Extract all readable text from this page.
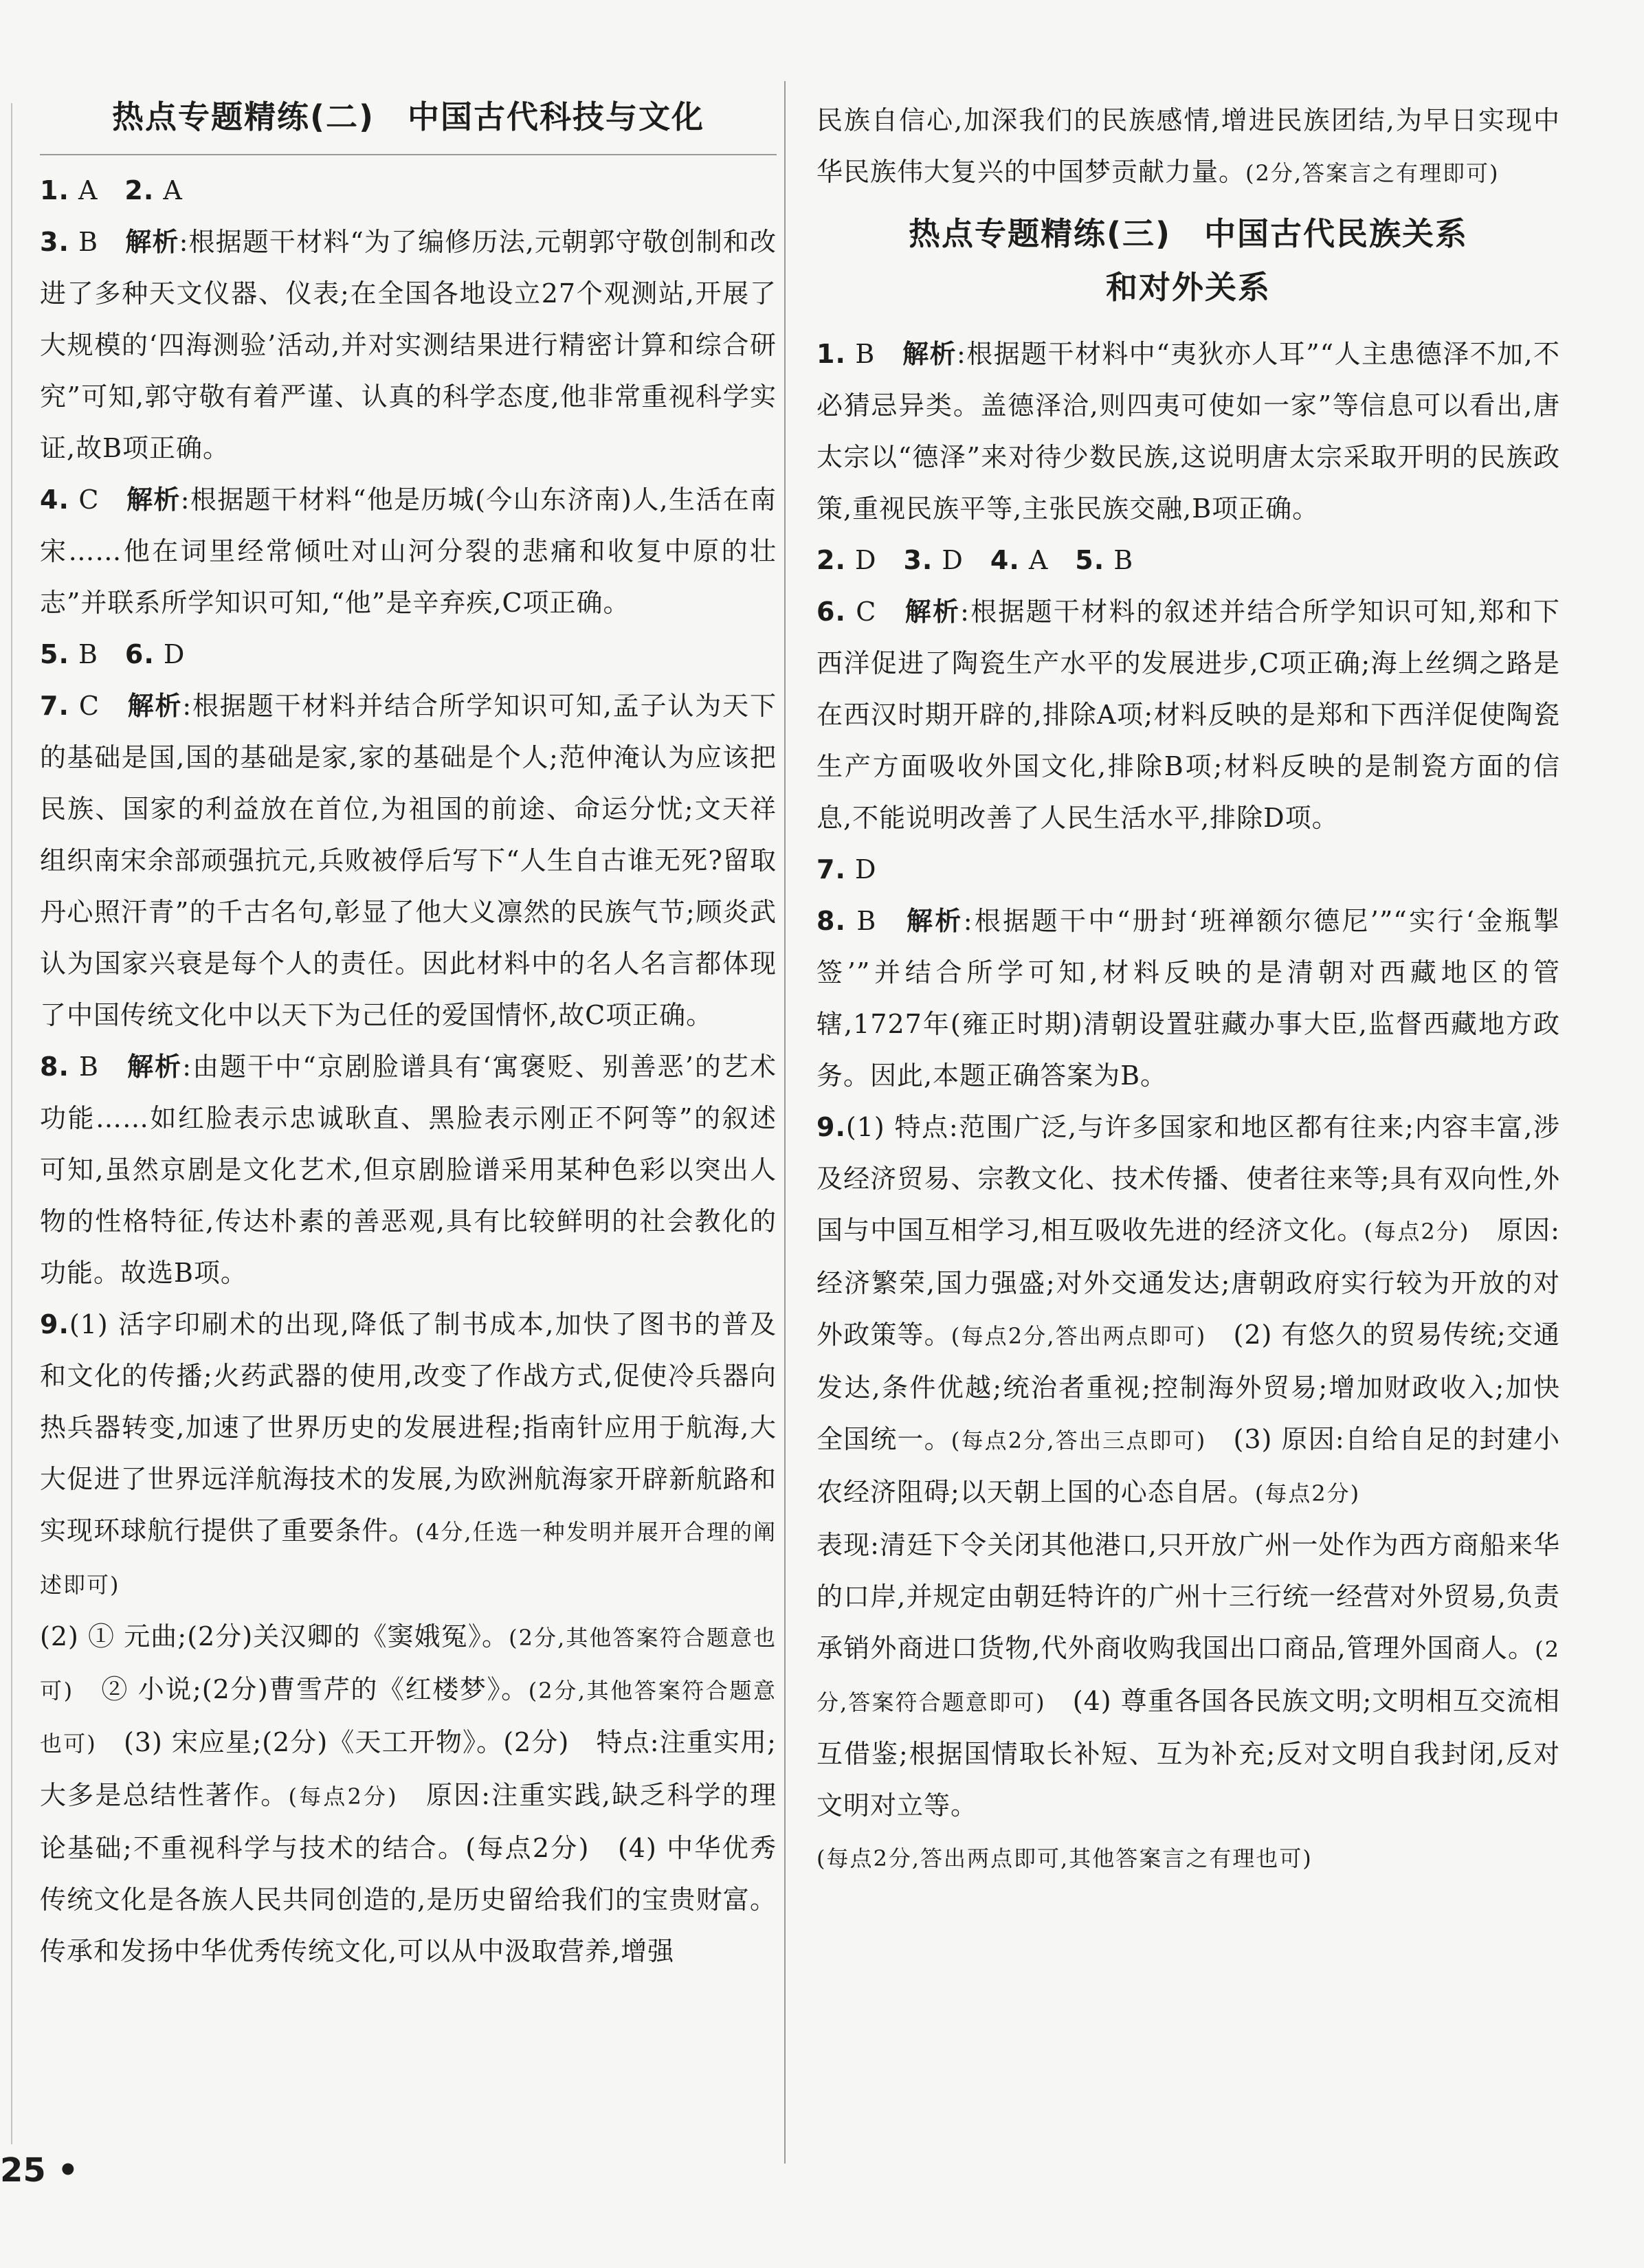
热点专题精练(二)　中国古代科技与文化

1. A　2. A

3. B　解析:根据题干材料“为了编修历法,元朝郭守敬创制和改进了多种天文仪器、仪表;在全国各地设立27个观测站,开展了大规模的‘四海测验’活动,并对实测结果进行精密计算和综合研究”可知,郭守敬有着严谨、认真的科学态度,他非常重视科学实证,故B项正确。

4. C　解析:根据题干材料“他是历城(今山东济南)人,生活在南宋……他在词里经常倾吐对山河分裂的悲痛和收复中原的壮志”并联系所学知识可知,“他”是辛弃疾,C项正确。

5. B　6. D

7. C　解析:根据题干材料并结合所学知识可知,孟子认为天下的基础是国,国的基础是家,家的基础是个人;范仲淹认为应该把民族、国家的利益放在首位,为祖国的前途、命运分忧;文天祥组织南宋余部顽强抗元,兵败被俘后写下“人生自古谁无死?留取丹心照汗青”的千古名句,彰显了他大义凛然的民族气节;顾炎武认为国家兴衰是每个人的责任。因此材料中的名人名言都体现了中国传统文化中以天下为己任的爱国情怀,故C项正确。

8. B　解析:由题干中“京剧脸谱具有‘寓褒贬、别善恶’的艺术功能……如红脸表示忠诚耿直、黑脸表示刚正不阿等”的叙述可知,虽然京剧是文化艺术,但京剧脸谱采用某种色彩以突出人物的性格特征,传达朴素的善恶观,具有比较鲜明的社会教化的功能。故选B项。

9.(1) 活字印刷术的出现,降低了制书成本,加快了图书的普及和文化的传播;火药武器的使用,改变了作战方式,促使冷兵器向热兵器转变,加速了世界历史的发展进程;指南针应用于航海,大大促进了世界远洋航海技术的发展,为欧洲航海家开辟新航路和实现环球航行提供了重要条件。(4分,任选一种发明并展开合理的阐述即可)
(2) ① 元曲;(2分)关汉卿的《窦娥冤》。(2分,其他答案符合题意也可)　② 小说;(2分)曹雪芹的《红楼梦》。(2分,其他答案符合题意也可)　(3) 宋应星;(2分)《天工开物》。(2分)　特点:注重实用;大多是总结性著作。(每点2分)　原因:注重实践,缺乏科学的理论基础;不重视科学与技术的结合。(每点2分)　(4) 中华优秀传统文化是各族人民共同创造的,是历史留给我们的宝贵财富。传承和发扬中华优秀传统文化,可以从中汲取营养,增强

民族自信心,加深我们的民族感情,增进民族团结,为早日实现中华民族伟大复兴的中国梦贡献力量。(2分,答案言之有理即可)

热点专题精练(三)　中国古代民族关系
和对外关系

1. B　解析:根据题干材料中“夷狄亦人耳”“人主患德泽不加,不必猜忌异类。盖德泽洽,则四夷可使如一家”等信息可以看出,唐太宗以“德泽”来对待少数民族,这说明唐太宗采取开明的民族政策,重视民族平等,主张民族交融,B项正确。

2. D　3. D　4. A　5. B

6. C　解析:根据题干材料的叙述并结合所学知识可知,郑和下西洋促进了陶瓷生产水平的发展进步,C项正确;海上丝绸之路是在西汉时期开辟的,排除A项;材料反映的是郑和下西洋促使陶瓷生产方面吸收外国文化,排除B项;材料反映的是制瓷方面的信息,不能说明改善了人民生活水平,排除D项。

7. D

8. B　解析:根据题干中“册封‘班禅额尔德尼’”“实行‘金瓶掣签’”并结合所学可知,材料反映的是清朝对西藏地区的管辖,1727年(雍正时期)清朝设置驻藏办事大臣,监督西藏地方政务。因此,本题正确答案为B。

9.(1) 特点:范围广泛,与许多国家和地区都有往来;内容丰富,涉及经济贸易、宗教文化、技术传播、使者往来等;具有双向性,外国与中国互相学习,相互吸收先进的经济文化。(每点2分)　原因:经济繁荣,国力强盛;对外交通发达;唐朝政府实行较为开放的对外政策等。(每点2分,答出两点即可)　(2) 有悠久的贸易传统;交通发达,条件优越;统治者重视;控制海外贸易;增加财政收入;加快全国统一。(每点2分,答出三点即可)　(3) 原因:自给自足的封建小农经济阻碍;以天朝上国的心态自居。(每点2分)
表现:清廷下令关闭其他港口,只开放广州一处作为西方商船来华的口岸,并规定由朝廷特许的广州十三行统一经营对外贸易,负责承销外商进口货物,代外商收购我国出口商品,管理外国商人。(2分,答案符合题意即可)　(4) 尊重各国各民族文明;文明相互交流相互借鉴;根据国情取长补短、互为补充;反对文明自我封闭,反对文明对立等。
(每点2分,答出两点即可,其他答案言之有理也可)

25 •
